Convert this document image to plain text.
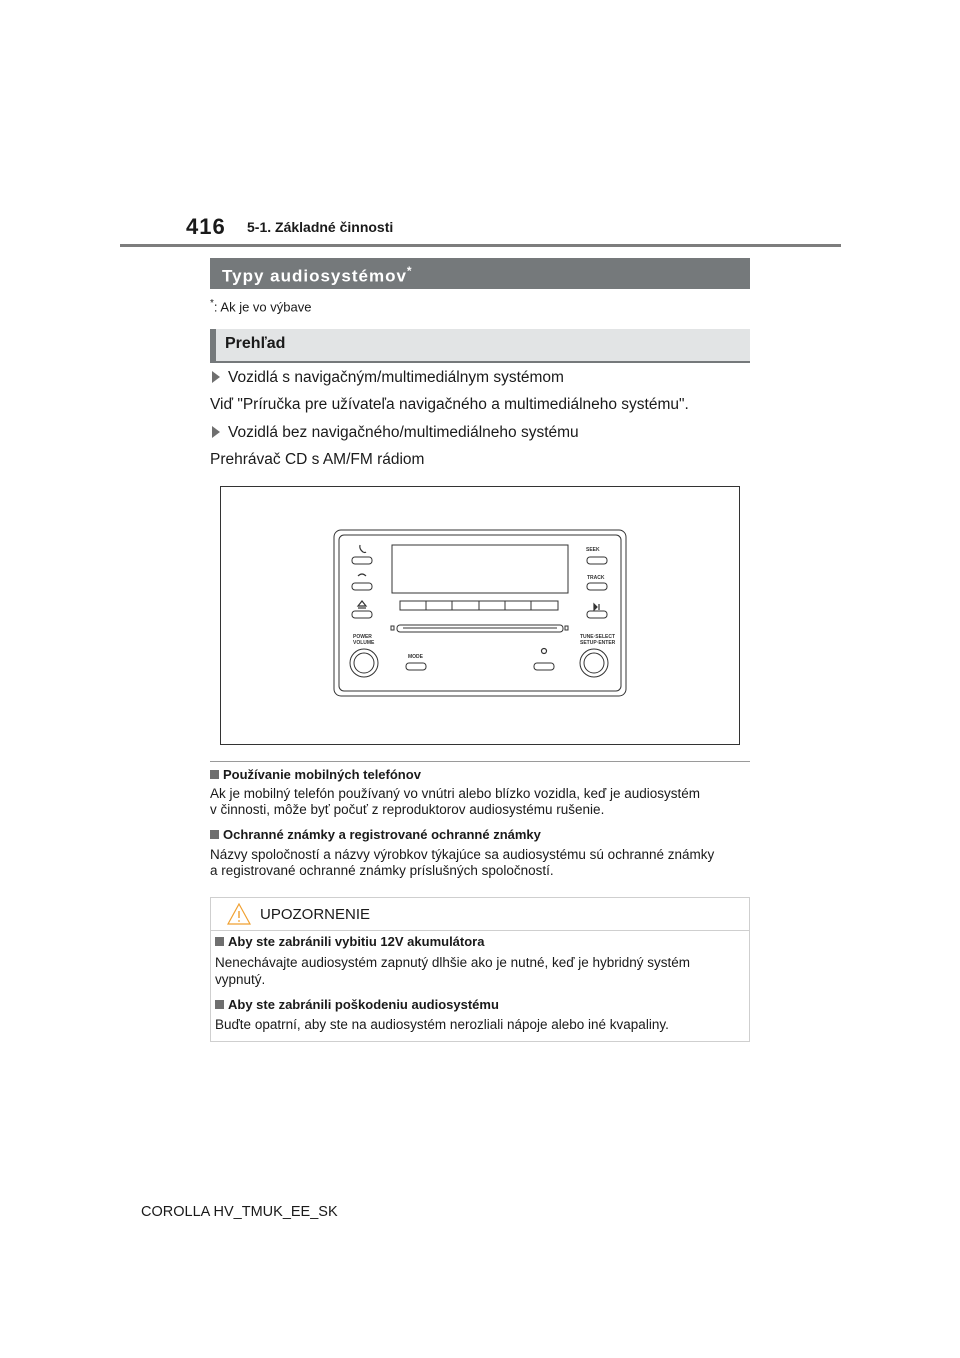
416 5-1. Základné činnosti
Typy audiosystémov*
*: Ak je vo výbave
Prehľad
Vozidlá s navigačným/multimediálnym systémom
Viď "Príručka pre užívateľa navigačného a multimediálneho systému".
Vozidlá bez navigačného/multimediálneho systému
Prehrávač CD s AM/FM rádiom
SEEK
TRACK
POWER
VOLUME
MODE
TUNE·SELECT
SETUP·ENTER
Používanie mobilných telefónov
Ak je mobilný telefón používaný vo vnútri alebo blízko vozidla, keď je audiosystém
v činnosti, môže byť počuť z reproduktorov audiosystému rušenie.
Ochranné známky a registrované ochranné známky
Názvy spoločností a názvy výrobkov týkajúce sa audiosystému sú ochranné známky
a registrované ochranné známky príslušných spoločností.
UPOZORNENIE
Aby ste zabránili vybitiu 12V akumulátora
Nenechávajte audiosystém zapnutý dlhšie ako je nutné, keď je hybridný systém
vypnutý.
Aby ste zabránili poškodeniu audiosystému
Buďte opatrní, aby ste na audiosystém nerozliali nápoje alebo iné kvapaliny.
COROLLA HV_TMUK_EE_SK
